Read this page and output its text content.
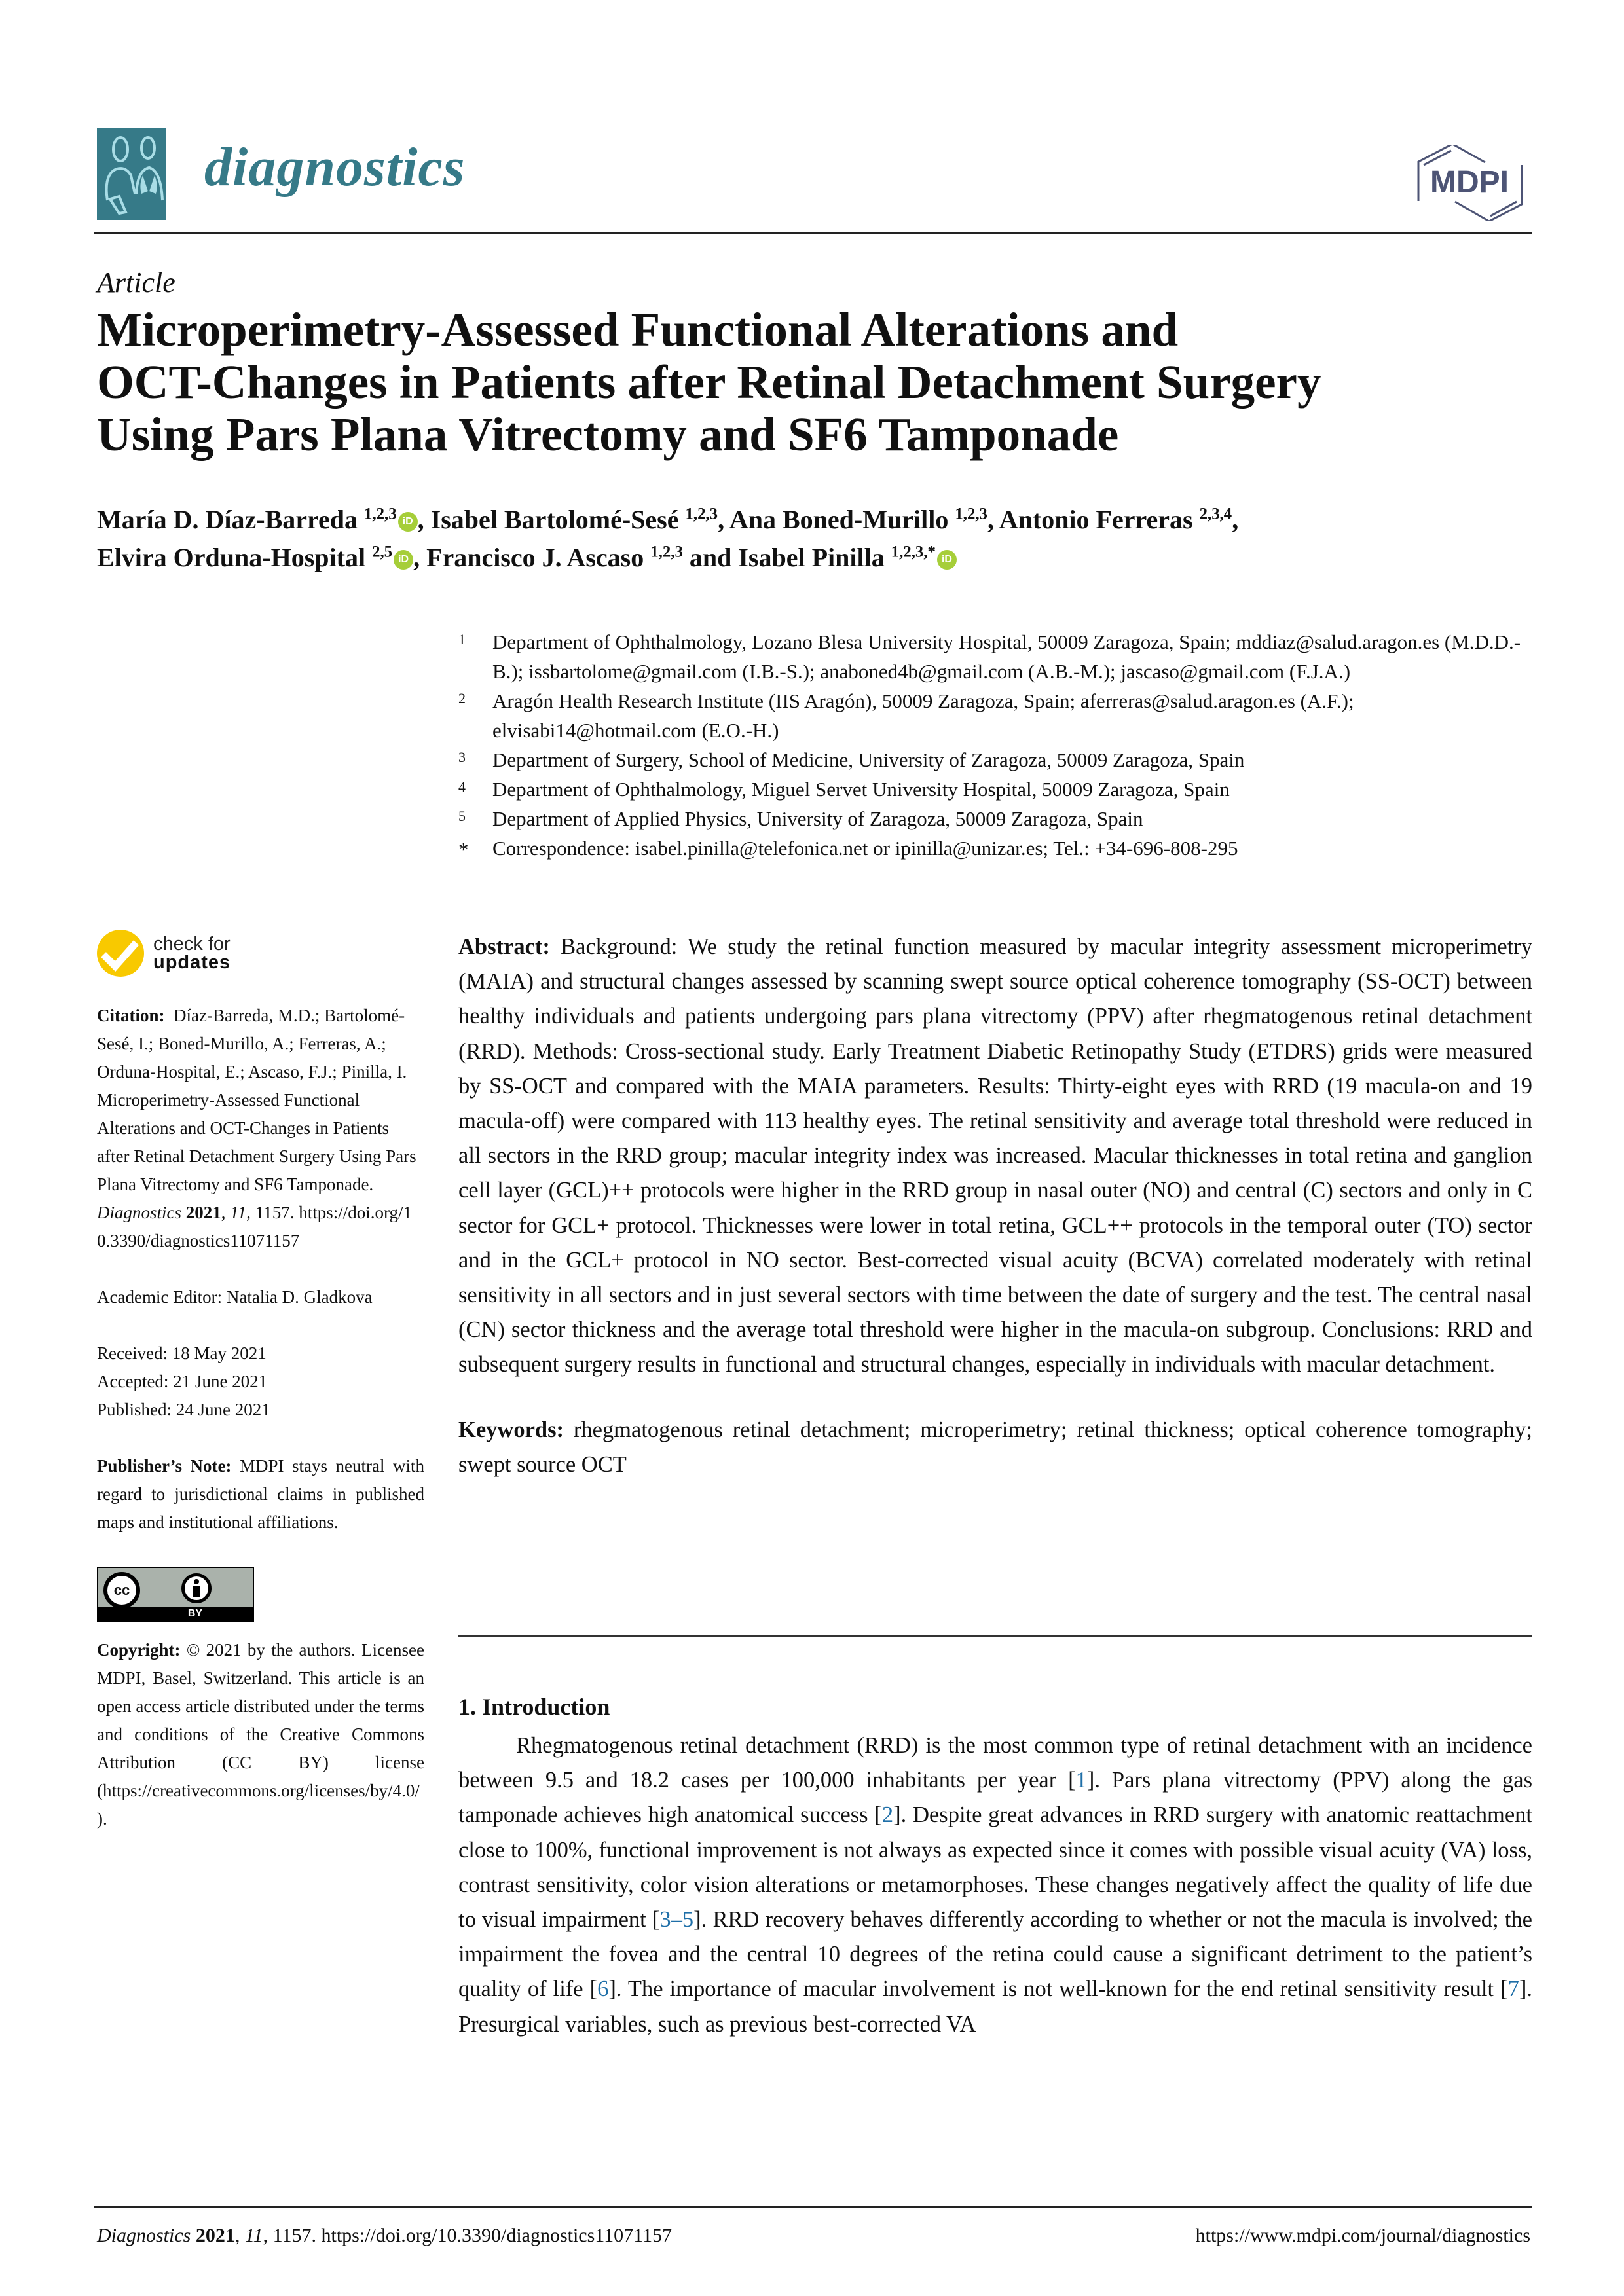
diagnostics	MDPI
Article
Microperimetry-Assessed Functional Alterations and
OCT-Changes in Patients after Retinal Detachment Surgery
Using Pars Plana Vitrectomy and SF6 Tamponade
María D. Díaz-Barreda $^{1,2,3}$ iD , Isabel Bartolomé-Sesé $^{1,2,3}$, Ana Boned-Murillo $^{1,2,3}$, Antonio Ferreras $^{2,3,4}$,
Elvira Orduna-Hospital $^{2,5}$ iD , Francisco J. Ascaso $^{1,2,3}$ and Isabel Pinilla $^{1,2,3,*}$ iD
1	Department of Ophthalmology, Lozano Blesa University Hospital, 50009 Zaragoza, Spain; mddiaz@salud.aragon.es (M.D.D.-B.); issbartolome@gmail.com (I.B.-S.); anaboned4b@gmail.com (A.B.-M.); jascaso@gmail.com (F.J.A.)
2	Aragón Health Research Institute (IIS Aragón), 50009 Zaragoza, Spain; aferreras@salud.aragon.es (A.F.); elvisabi14@hotmail.com (E.O.-H.)
3	Department of Surgery, School of Medicine, University of Zaragoza, 50009 Zaragoza, Spain
4	Department of Ophthalmology, Miguel Servet University Hospital, 50009 Zaragoza, Spain
5	Department of Applied Physics, University of Zaragoza, 50009 Zaragoza, Spain
*	Correspondence: isabel.pinilla@telefonica.net or ipinilla@unizar.es; Tel.: +34-696-808-295
check for
updates
Citation: Díaz-Barreda, M.D.; Bartolomé-Sesé, I.; Boned-Murillo, A.; Ferreras, A.; Orduna-Hospital, E.; Ascaso, F.J.; Pinilla, I. Microperimetry-Assessed Functional Alterations and OCT-Changes in Patients after Retinal Detachment Surgery Using Pars Plana Vitrectomy and SF6 Tamponade. Diagnostics 2021, 11, 1157. https://doi.org/10.3390/diagnostics11071157
Academic Editor: Natalia D. Gladkova
Received: 18 May 2021
Accepted: 21 June 2021
Published: 24 June 2021
Publisher’s Note: MDPI stays neutral with regard to jurisdictional claims in published maps and institutional affiliations.
cc
BY
Copyright: © 2021 by the authors. Licensee MDPI, Basel, Switzerland. This article is an open access article distributed under the terms and conditions of the Creative Commons Attribution (CC BY) license (https://creativecommons.org/licenses/by/4.0/).
Abstract: Background: We study the retinal function measured by macular integrity assessment microperimetry (MAIA) and structural changes assessed by scanning swept source optical coherence tomography (SS-OCT) between healthy individuals and patients undergoing pars plana vitrectomy (PPV) after rhegmatogenous retinal detachment (RRD). Methods: Cross-sectional study. Early Treatment Diabetic Retinopathy Study (ETDRS) grids were measured by SS-OCT and compared with the MAIA parameters. Results: Thirty-eight eyes with RRD (19 macula-on and 19 macula-off) were compared with 113 healthy eyes. The retinal sensitivity and average total threshold were reduced in all sectors in the RRD group; macular integrity index was increased. Macular thicknesses in total retina and ganglion cell layer (GCL)++ protocols were higher in the RRD group in nasal outer (NO) and central (C) sectors and only in C sector for GCL+ protocol. Thicknesses were lower in total retina, GCL++ protocols in the temporal outer (TO) sector and in the GCL+ protocol in NO sector. Best-corrected visual acuity (BCVA) correlated moderately with retinal sensitivity in all sectors and in just several sectors with time between the date of surgery and the test. The central nasal (CN) sector thickness and the average total threshold were higher in the macula-on subgroup. Conclusions: RRD and subsequent surgery results in functional and structural changes, especially in individuals with macular detachment.
Keywords: rhegmatogenous retinal detachment; microperimetry; retinal thickness; optical coherence tomography; swept source OCT
1. Introduction
Rhegmatogenous retinal detachment (RRD) is the most common type of retinal detachment with an incidence between 9.5 and 18.2 cases per 100,000 inhabitants per year [1]. Pars plana vitrectomy (PPV) along the gas tamponade achieves high anatomical success [2]. Despite great advances in RRD surgery with anatomic reattachment close to 100%, functional improvement is not always as expected since it comes with possible visual acuity (VA) loss, contrast sensitivity, color vision alterations or metamorphoses. These changes negatively affect the quality of life due to visual impairment [3–5]. RRD recovery behaves differently according to whether or not the macula is involved; the impairment the fovea and the central 10 degrees of the retina could cause a significant detriment to the patient’s quality of life [6]. The importance of macular involvement is not well-known for the end retinal sensitivity result [7]. Presurgical variables, such as previous best-corrected VA
Diagnostics 2021, 11, 1157. https://doi.org/10.3390/diagnostics11071157	https://www.mdpi.com/journal/diagnostics
